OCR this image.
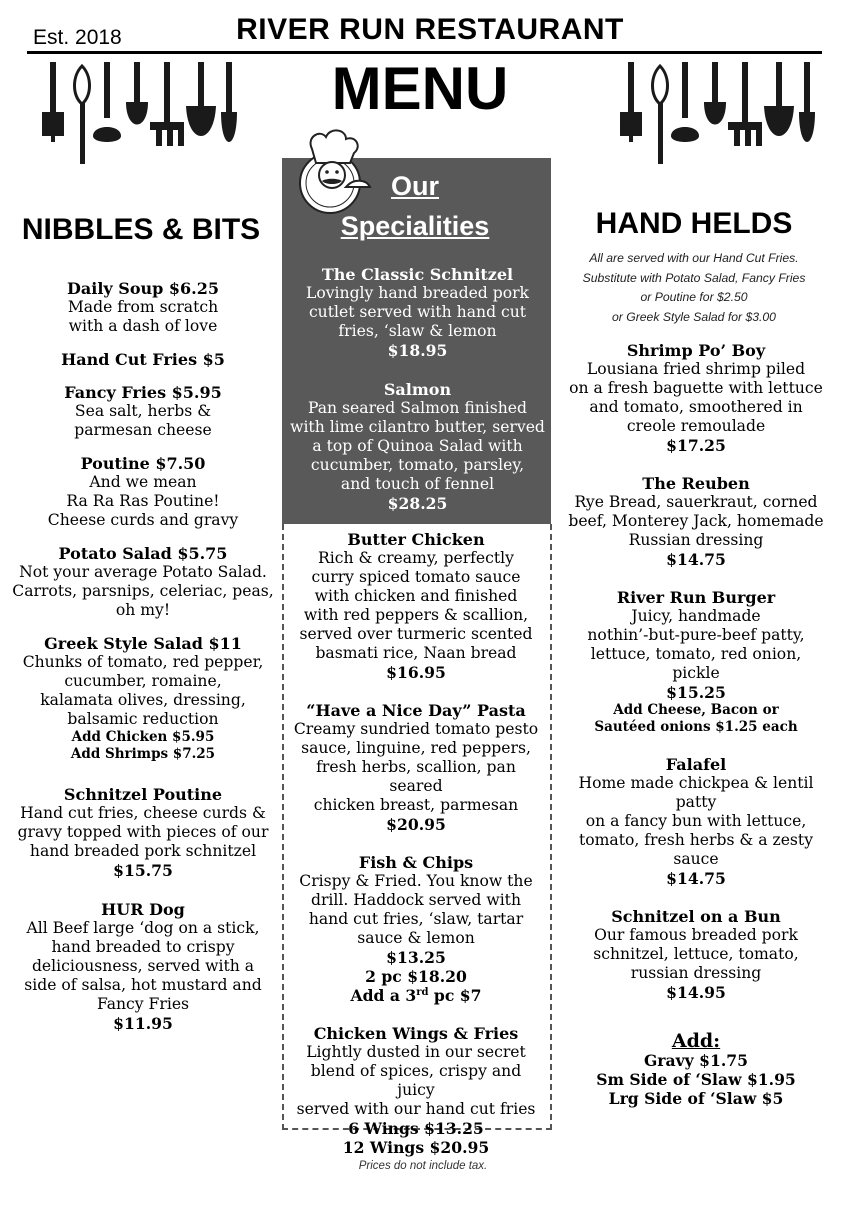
Est. 2018	RIVER RUN RESTAURANT
MENU
NIBBLES & BITS
Daily Soup $6.25
Made from scratch
with a dash of love
Hand Cut Fries $5
Fancy Fries $5.95
Sea salt, herbs &
parmesan cheese
Poutine $7.50
And we mean
Ra Ra Ras Poutine!
Cheese curds and gravy
Potato Salad $5.75
Not your average Potato Salad.
Carrots, parsnips, celeriac, peas,
oh my!
Greek Style Salad $11
Chunks of tomato, red pepper,
cucumber, romaine,
kalamata olives, dressing,
balsamic reduction
Add Chicken $5.95
Add Shrimps $7.25
Schnitzel Poutine
Hand cut fries, cheese curds &
gravy topped with pieces of our
hand breaded pork schnitzel
$15.75
HUR Dog
All Beef large ‘dog on a stick,
hand breaded to crispy
deliciousness, served with a
side of salsa, hot mustard and
Fancy Fries
$11.95
Our
Specialities
The Classic Schnitzel
Lovingly hand breaded pork
cutlet served with hand cut
fries, ‘slaw & lemon
$18.95
Salmon
Pan seared Salmon finished
with lime cilantro butter, served
a top of Quinoa Salad with
cucumber, tomato, parsley,
and touch of fennel
$28.25
Butter Chicken
Rich & creamy, perfectly
curry spiced tomato sauce
with chicken and finished
with red peppers & scallion,
served over turmeric scented
basmati rice, Naan bread
$16.95
“Have a Nice Day” Pasta
Creamy sundried tomato pesto
sauce, linguine, red peppers,
fresh herbs, scallion, pan seared
chicken breast, parmesan
$20.95
Fish & Chips
Crispy & Fried. You know the
drill. Haddock served with
hand cut fries, ‘slaw, tartar
sauce & lemon
$13.25
2 pc $18.20
Add a 3rd pc $7
Chicken Wings & Fries
Lightly dusted in our secret
blend of spices, crispy and juicy
served with our hand cut fries
6 Wings $13.25
12 Wings $20.95
HAND HELDS
All are served with our Hand Cut Fries.
Substitute with Potato Salad, Fancy Fries
or Poutine for $2.50
or Greek Style Salad for $3.00
Shrimp Po’ Boy
Lousiana fried shrimp piled
on a fresh baguette with lettuce
and tomato, smoothered in
creole remoulade
$17.25
The Reuben
Rye Bread, sauerkraut, corned
beef, Monterey Jack, homemade
Russian dressing
$14.75
River Run Burger
Juicy, handmade
nothin’-but-pure-beef patty,
lettuce, tomato, red onion,
pickle
$15.25
Add Cheese, Bacon or
Sautéed onions $1.25 each
Falafel
Home made chickpea & lentil patty
on a fancy bun with lettuce,
tomato, fresh herbs & a zesty sauce
$14.75
Schnitzel on a Bun
Our famous breaded pork
schnitzel, lettuce, tomato,
russian dressing
$14.95
Add:
Gravy $1.75
Sm Side of ‘Slaw $1.95
Lrg Side of ‘Slaw $5
Prices do not include tax.
